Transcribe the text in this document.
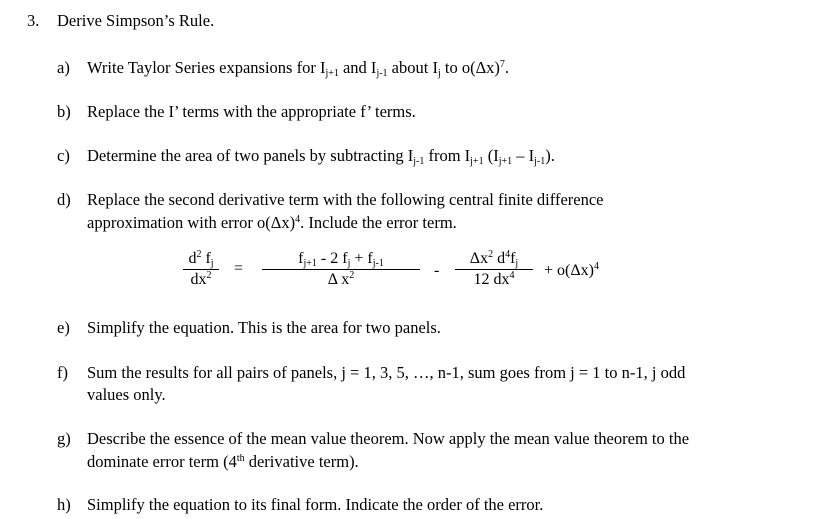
3. Derive Simpson’s Rule.
a) Write Taylor Series expansions for $I_{j+1}$ and $I_{j-1}$ about $I_j$ to $o(\Delta x)^7$.
b) Replace the I’ terms with the appropriate f’ terms.
c) Determine the area of two panels by subtracting $I_{j-1}$ from $I_{j+1}$ $(I_{j+1} - I_{j-1})$.
d) Replace the second derivative term with the following central finite difference
approximation with error $o(\Delta x)^4$. Include the error term.
$d^2$ $f_j$
$dx^2$	=
$f_{j+1} - 2$ $f_j + f_{j-1}$
Δ $x^2$	-
$\Delta x^2$ $d^4f_j$
12 $dx^4$	+ $o(\Delta x)^4$
e) Simplify the equation. This is the area for two panels.
f) Sum the results for all pairs of panels, j = 1, 3, 5, …, n-1, sum goes from j = 1 to n-1, j odd
values only.
g) Describe the essence of the mean value theorem. Now apply the mean value theorem to the
dominate error term (4th derivative term).
h) Simplify the equation to its final form. Indicate the order of the error.
